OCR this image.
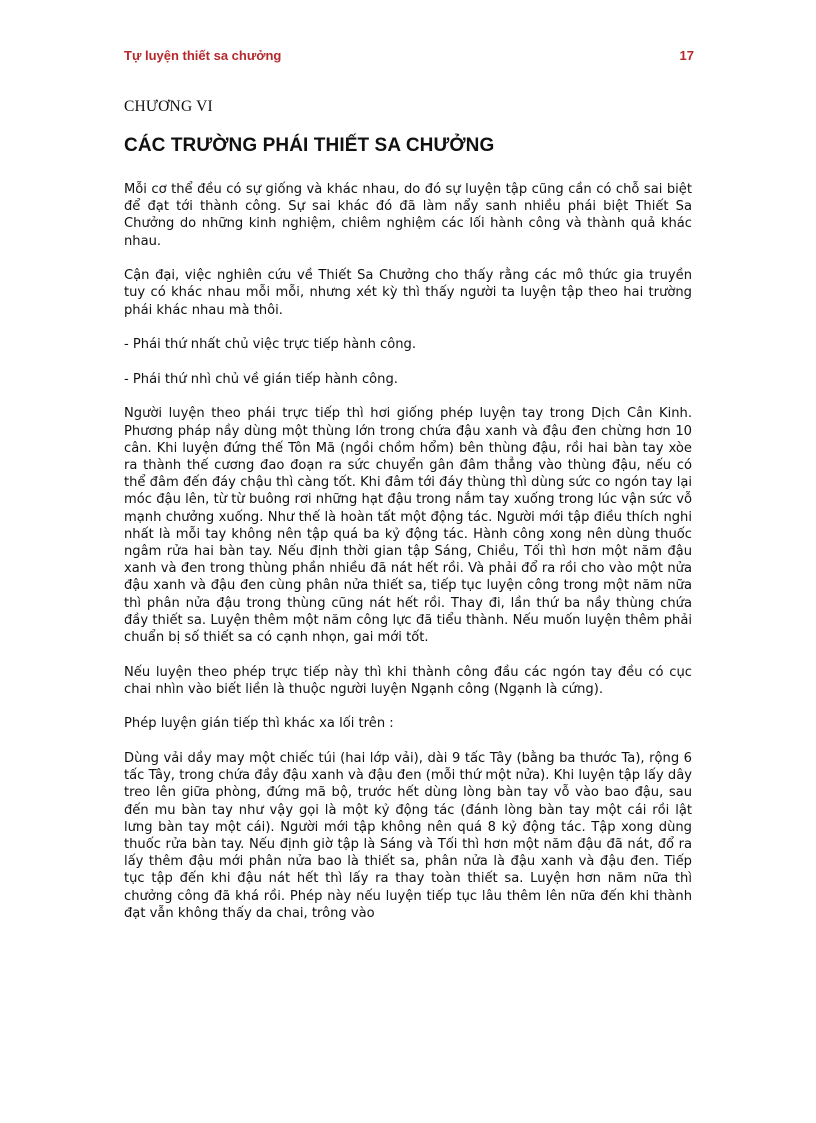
Tự luyện thiết sa chưởng	17
CHƯƠNG VI
CÁC TRƯỜNG PHÁI THIẾT SA CHƯỞNG

Mỗi cơ thể đều có sự giống và khác nhau, do đó sự luyện tập cũng cần có chỗ sai biệt để đạt tới thành công. Sự sai khác đó đã làm nẩy sanh nhiều phái biệt Thiết Sa Chưởng do những kinh nghiệm, chiêm nghiệm các lối hành công và thành quả khác nhau.

Cận đại, việc nghiên cứu về Thiết Sa Chưởng cho thấy rằng các mô thức gia truyền tuy có khác nhau mỗi mỗi, nhưng xét kỳ thì thấy người ta luyện tập theo hai trường phái khác nhau mà thôi.

- Phái thứ nhất chủ việc trực tiếp hành công.

- Phái thứ nhì chủ về gián tiếp hành công.

Người luyện theo phái trực tiếp thì hơi giống phép luyện tay trong Dịch Cân Kinh. Phương pháp nầy dùng một thùng lớn trong chứa đậu xanh và đậu đen chừng hơn 10 cân. Khi luyện đứng thế Tôn Mã (ngồi chồm hổm) bên thùng đậu, rồi hai bàn tay xòe ra thành thế cương đao đoạn ra sức chuyển gân đâm thẳng vào thùng đậu, nếu có thể đâm đến đáy chậu thì càng tốt. Khi đâm tới đáy thùng thì dùng sức co ngón tay lại móc đậu lên, từ từ buông rơi những hạt đậu trong nắm tay xuống trong lúc vận sức vỗ mạnh chưởng xuống. Như thế là hoàn tất một động tác. Người mới tập điều thích nghi nhất là mỗi tay không nên tập quá ba kỷ động tác. Hành công xong nên dùng thuốc ngâm rửa hai bàn tay. Nếu định thời gian tập Sáng, Chiều, Tối thì hơn một năm đậu xanh và đen trong thùng phần nhiều đã nát hết rồi. Và phải đổ ra rồi cho vào một nửa đậu xanh và đậu đen cùng phân nửa thiết sa, tiếp tục luyện công trong một năm nữa thì phân nửa đậu trong thùng cũng nát hết rồi. Thay đi, lần thứ ba nầy thùng chứa đầy thiết sa. Luyện thêm một năm công lực đã tiểu thành. Nếu muốn luyện thêm phải chuẩn bị số thiết sa có cạnh nhọn, gai mới tốt.

Nếu luyện theo phép trực tiếp này thì khi thành công đầu các ngón tay đều có cục chai nhìn vào biết liền là thuộc người luyện Ngạnh công (Ngạnh là cứng).

Phép luyện gián tiếp thì khác xa lối trên :

Dùng vải dầy may một chiếc túi (hai lớp vải), dài 9 tấc Tây (bằng ba thước Ta), rộng 6 tấc Tây, trong chứa đầy đậu xanh và đậu đen (mỗi thứ một nửa). Khi luyện tập lấy dây treo lên giữa phòng, đứng mã bộ, trước hết dùng lòng bàn tay vỗ vào bao đậu, sau đến mu bàn tay như vậy gọi là một kỷ động tác (đánh lòng bàn tay một cái rồi lật lưng bàn tay một cái). Người mới tập không nên quá 8 kỷ động tác. Tập xong dùng thuốc rửa bàn tay. Nếu định giờ tập là Sáng và Tối thì hơn một năm đậu đã nát, đổ ra lấy thêm đậu mới phân nửa bao là thiết sa, phân nửa là đậu xanh và đậu đen. Tiếp tục tập đến khi đậu nát hết thì lấy ra thay toàn thiết sa. Luyện hơn năm nữa thì chưởng công đã khá rồi. Phép này nếu luyện tiếp tục lâu thêm lên nữa đến khi thành đạt vẫn không thấy da chai, trông vào
